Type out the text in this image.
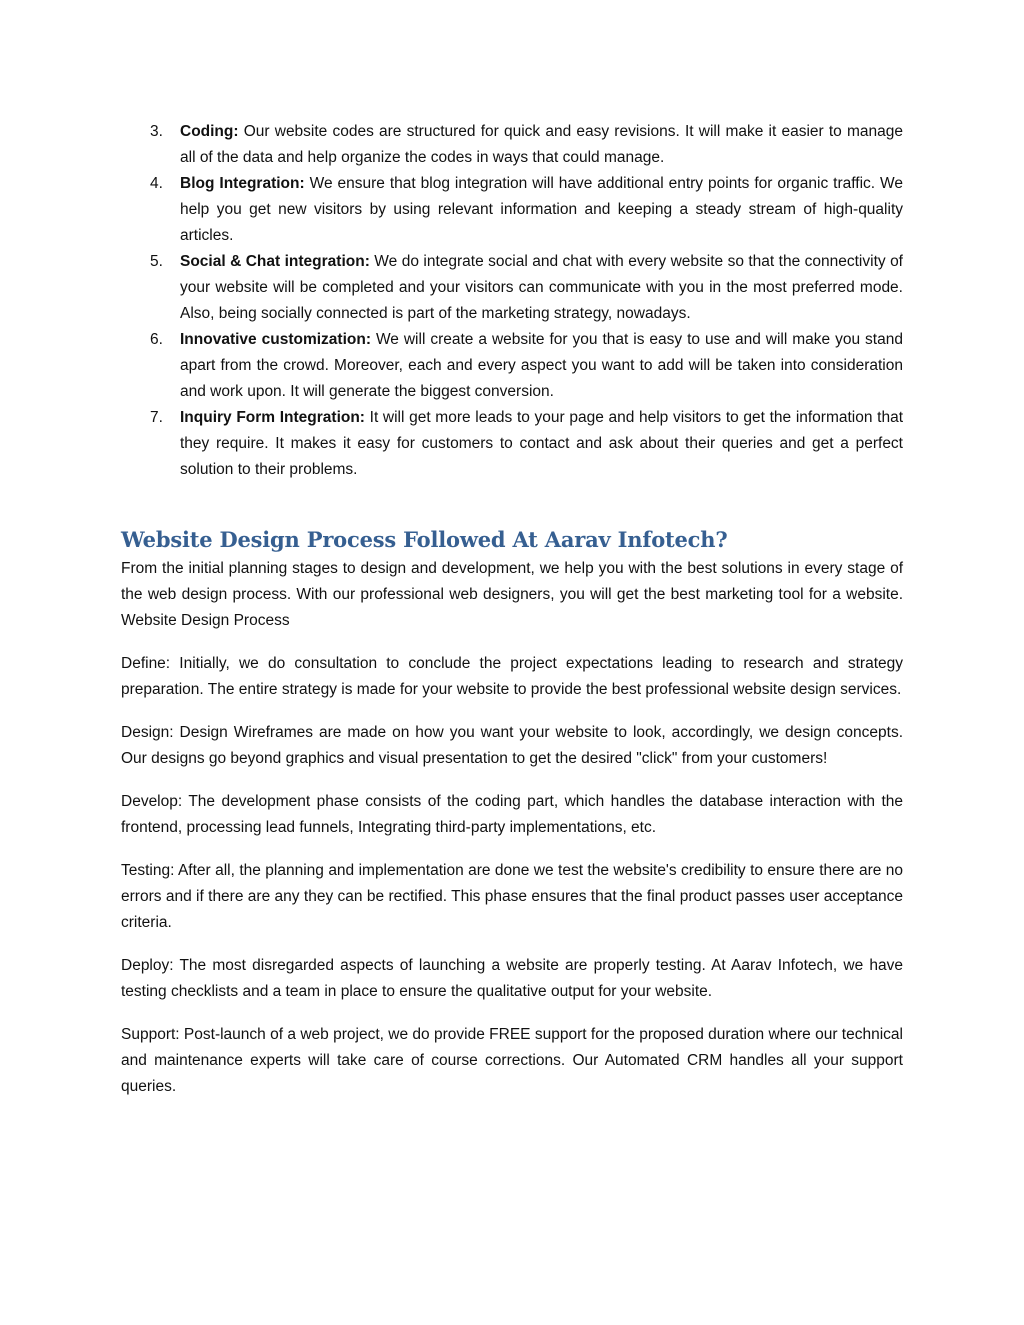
3. Coding: Our website codes are structured for quick and easy revisions. It will make it easier to manage all of the data and help organize the codes in ways that could manage.
4. Blog Integration: We ensure that blog integration will have additional entry points for organic traffic. We help you get new visitors by using relevant information and keeping a steady stream of high-quality articles.
5. Social & Chat integration: We do integrate social and chat with every website so that the connectivity of your website will be completed and your visitors can communicate with you in the most preferred mode. Also, being socially connected is part of the marketing strategy, nowadays.
6. Innovative customization: We will create a website for you that is easy to use and will make you stand apart from the crowd. Moreover, each and every aspect you want to add will be taken into consideration and work upon. It will generate the biggest conversion.
7. Inquiry Form Integration: It will get more leads to your page and help visitors to get the information that they require. It makes it easy for customers to contact and ask about their queries and get a perfect solution to their problems.
Website Design Process Followed At Aarav Infotech?

From the initial planning stages to design and development, we help you with the best solutions in every stage of the web design process. With our professional web designers, you will get the best marketing tool for a website. Website Design Process

Define: Initially, we do consultation to conclude the project expectations leading to research and strategy preparation. The entire strategy is made for your website to provide the best professional website design services.

Design: Design Wireframes are made on how you want your website to look, accordingly, we design concepts. Our designs go beyond graphics and visual presentation to get the desired "click" from your customers!

Develop: The development phase consists of the coding part, which handles the database interaction with the frontend, processing lead funnels, Integrating third-party implementations, etc.

Testing: After all, the planning and implementation are done we test the website's credibility to ensure there are no errors and if there are any they can be rectified. This phase ensures that the final product passes user acceptance criteria.

Deploy: The most disregarded aspects of launching a website are properly testing. At Aarav Infotech, we have testing checklists and a team in place to ensure the qualitative output for your website.

Support: Post-launch of a web project, we do provide FREE support for the proposed duration where our technical and maintenance experts will take care of course corrections. Our Automated CRM handles all your support queries.
